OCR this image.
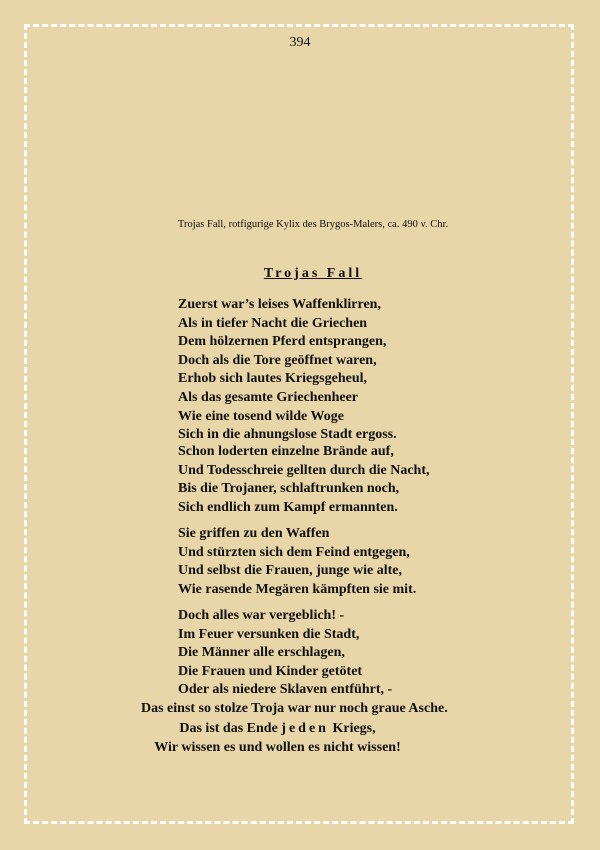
394
Trojas Fall, rotfigurige Kylix des Brygos-Malers, ca. 490 v. Chr.
Trojas Fall
Zuerst war’s leises Waffenklirren,
Als in tiefer Nacht die Griechen
Dem hölzernen Pferd entsprangen,
Doch als die Tore geöffnet waren,
Erhob sich lautes Kriegsgeheul,
Als das gesamte Griechenheer
Wie eine tosend wilde Woge
Sich in die ahnungslose Stadt ergoss.
Schon loderten einzelne Brände auf,
Und Todesschreie gellten durch die Nacht,
Bis die Trojaner, schlaftrunken noch,
Sich endlich zum Kampf ermannten.
Sie griffen zu den Waffen
Und stürzten sich dem Feind entgegen,
Und selbst die Frauen, junge wie alte,
Wie rasende Megären kämpften sie mit.
Doch alles war vergeblich! -
Im Feuer versunken die Stadt,
Die Männer alle erschlagen,
Die Frauen und Kinder getötet
Oder als niedere Sklaven entführt, -
Das einst so stolze Troja war nur noch graue Asche.
Das ist das Ende jeden Kriegs,
Wir wissen es und wollen es nicht wissen!
